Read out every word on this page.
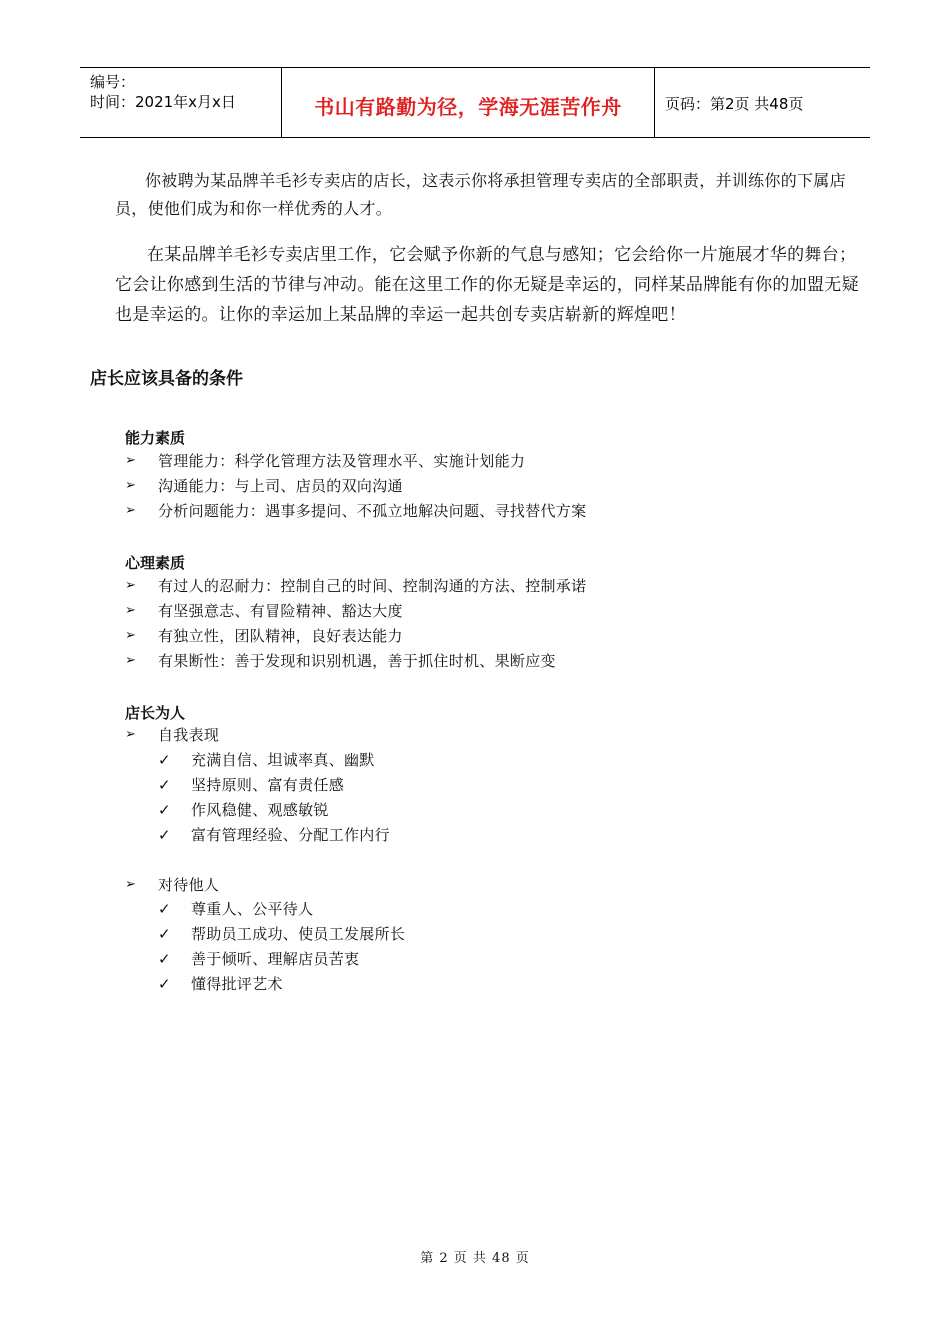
编号：
时间：2021年x月x日	书山有路勤为径，学海无涯苦作舟	页码：第2页 共48页

你被聘为某品牌羊毛衫专卖店的店长，这表示你将承担管理专卖店的全部职责，并训练你的下属店员，使他们成为和你一样优秀的人才。

在某品牌羊毛衫专卖店里工作，它会赋予你新的气息与感知；它会给你一片施展才华的舞台；它会让你感到生活的节律与冲动。能在这里工作的你无疑是幸运的，同样某品牌能有你的加盟无疑也是幸运的。让你的幸运加上某品牌的幸运一起共创专卖店崭新的辉煌吧！

店长应该具备的条件
能力素质
➢	管理能力：科学化管理方法及管理水平、实施计划能力
➢	沟通能力：与上司、店员的双向沟通
➢	分析问题能力：遇事多提问、不孤立地解决问题、寻找替代方案
心理素质
➢	有过人的忍耐力：控制自己的时间、控制沟通的方法、控制承诺
➢	有坚强意志、有冒险精神、豁达大度
➢	有独立性，团队精神，良好表达能力
➢	有果断性：善于发现和识别机遇，善于抓住时机、果断应变
店长为人
➢	自我表现
✓ 充满自信、坦诚率真、幽默
✓ 坚持原则、富有责任感
✓ 作风稳健、观感敏锐
✓ 富有管理经验、分配工作内行
➢	对待他人
✓ 尊重人、公平待人
✓ 帮助员工成功、使员工发展所长
✓ 善于倾听、理解店员苦衷
✓ 懂得批评艺术
第 2 页 共 48 页
